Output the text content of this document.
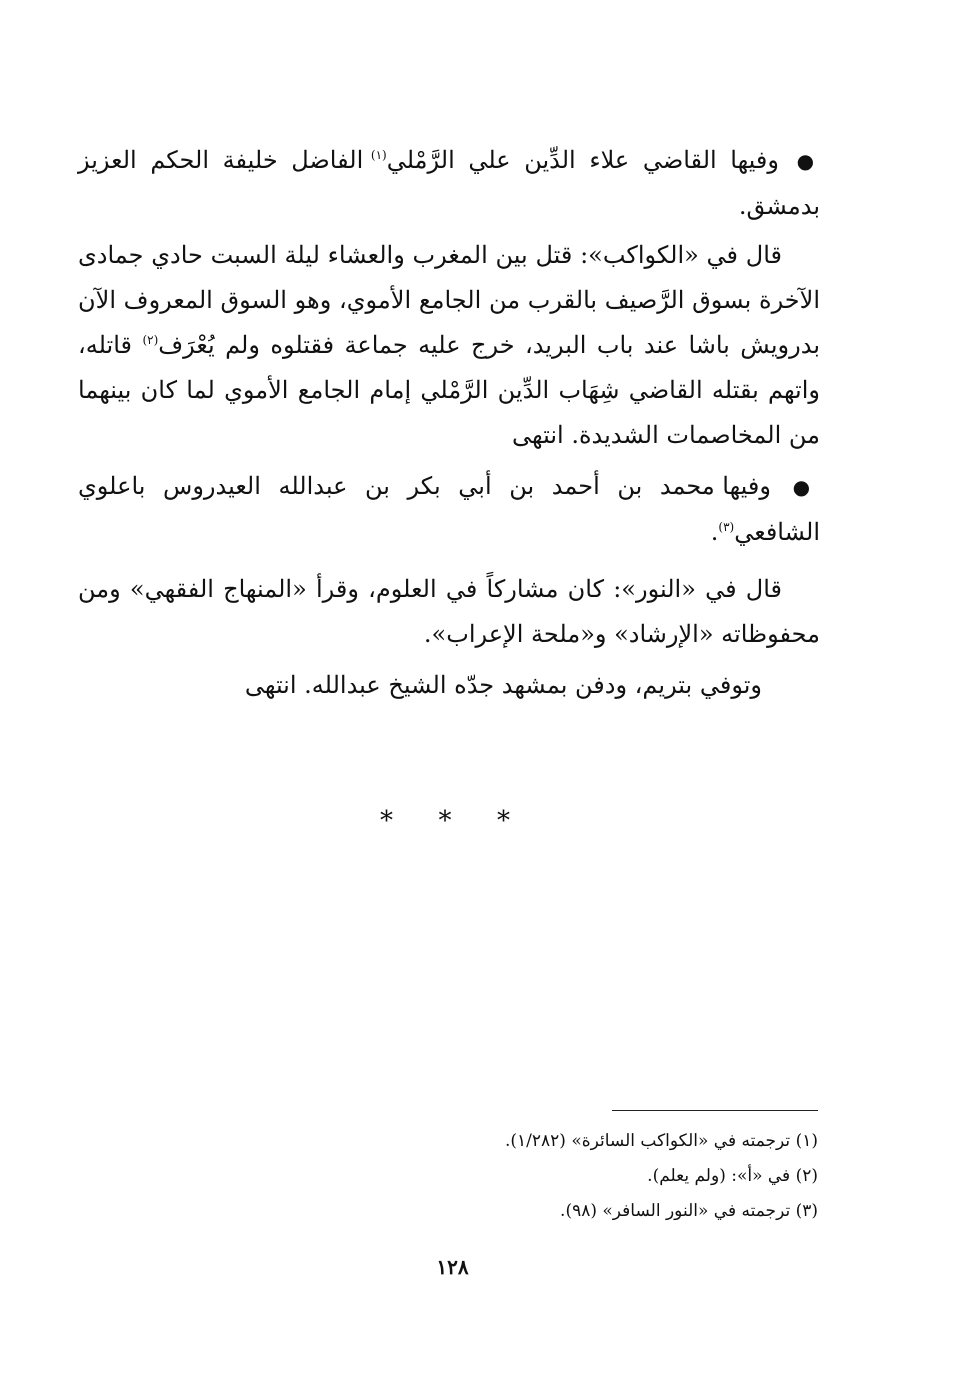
● وفيها القاضي علاء الدِّين علي الرَّمْلي$^{(١)}$ الفاضل خليفة الحكم العزيز بدمشق.

قال في «الكواكب»: قتل بين المغرب والعشاء ليلة السبت حادي جمادى الآخرة بسوق الرَّصيف بالقرب من الجامع الأموي، وهو السوق المعروف الآن بدرويش باشا عند باب البريد، خرج عليه جماعة فقتلوه ولم يُعْرَف$^{(٢)}$ قاتله، واتهم بقتله القاضي شِهَاب الدِّين الرَّمْلي إمام الجامع الأموي لما كان بينهما من المخاصمات الشديدة. انتهى

● وفيها محمد بن أحمد بن أبي بكر بن عبدالله العيدروس باعلوي الشافعي$^{(٣)}$.

قال في «النور»: كان مشاركاً في العلوم، وقرأ «المنهاج الفقهي» ومن محفوظاته «الإرشاد» و«ملحة الإعراب».

وتوفي بتريم، ودفن بمشهد جدّه الشيخ عبدالله. انتهى

* * *

(١) ترجمته في «الكواكب السائرة» (١/٢٨٢).

(٢) في «أ»: (ولم يعلم).

(٣) ترجمته في «النور السافر» (٩٨).

١٢٨
